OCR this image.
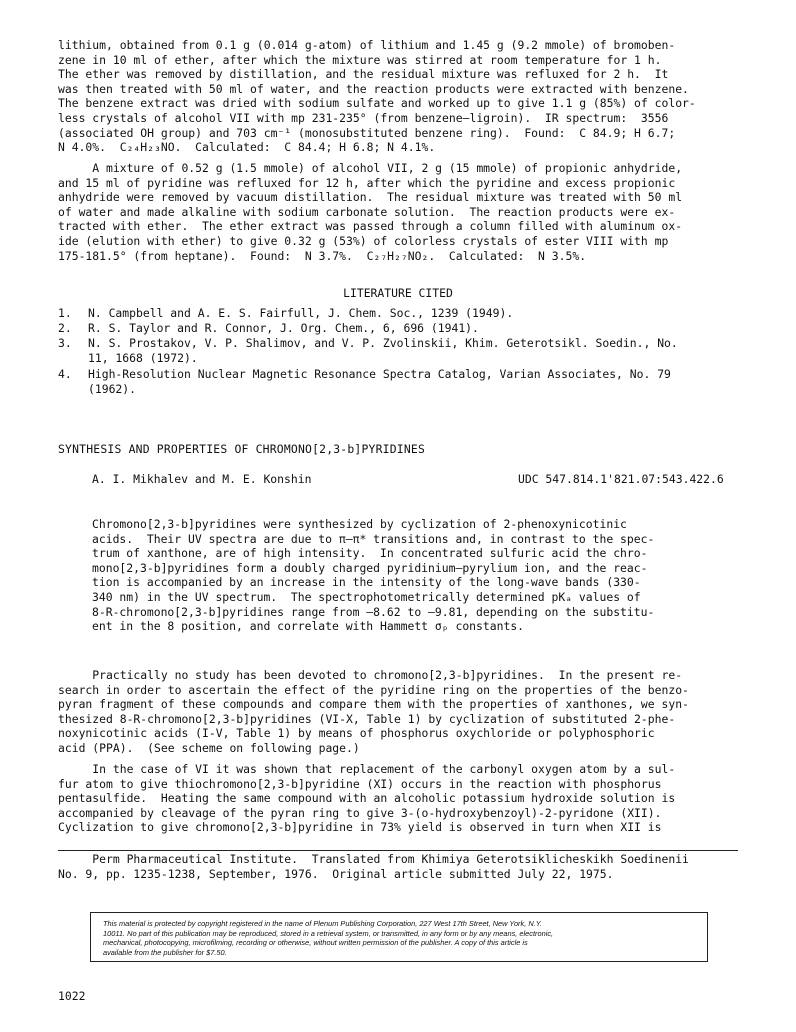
lithium, obtained from 0.1 g (0.014 g-atom) of lithium and 1.45 g (9.2 mmole) of bromoben-
zene in 10 ml of ether, after which the mixture was stirred at room temperature for 1 h.
The ether was removed by distillation, and the residual mixture was refluxed for 2 h.  It
was then treated with 50 ml of water, and the reaction products were extracted with benzene.
The benzene extract was dried with sodium sulfate and worked up to give 1.1 g (85%) of color-
less crystals of alcohol VII with mp 231-235° (from benzene—ligroin).  IR spectrum:  3556
(associated OH group) and 703 cm⁻¹ (monosubstituted benzene ring).  Found:  C 84.9; H 6.7;
N 4.0%.  C₂₄H₂₃NO.  Calculated:  C 84.4; H 6.8; N 4.1%.

A mixture of 0.52 g (1.5 mmole) of alcohol VII, 2 g (15 mmole) of propionic anhydride,
and 15 ml of pyridine was refluxed for 12 h, after which the pyridine and excess propionic
anhydride were removed by vacuum distillation.  The residual mixture was treated with 50 ml
of water and made alkaline with sodium carbonate solution.  The reaction products were ex-
tracted with ether.  The ether extract was passed through a column filled with aluminum ox-
ide (elution with ether) to give 0.32 g (53%) of colorless crystals of ester VIII with mp
175-181.5° (from heptane).  Found:  N 3.7%.  C₂₇H₂₇NO₂.  Calculated:  N 3.5%.

LITERATURE CITED
1.	N. Campbell and A. E. S. Fairfull, J. Chem. Soc., 1239 (1949).
2.	R. S. Taylor and R. Connor, J. Org. Chem., 6, 696 (1941).
3.	N. S. Prostakov, V. P. Shalimov, and V. P. Zvolinskii, Khim. Geterotsikl. Soedin., No.
11, 1668 (1972).
4.	High-Resolution Nuclear Magnetic Resonance Spectra Catalog, Varian Associates, No. 79
(1962).
SYNTHESIS AND PROPERTIES OF CHROMONO[2,3-b]PYRIDINES
A. I. Mikhalev and M. E. Konshin	UDC 547.814.1'821.07:543.422.6

Chromono[2,3-b]pyridines were synthesized by cyclization of 2-phenoxynicotinic
acids.  Their UV spectra are due to π—π* transitions and, in contrast to the spec-
trum of xanthone, are of high intensity.  In concentrated sulfuric acid the chro-
mono[2,3-b]pyridines form a doubly charged pyridinium—pyrylium ion, and the reac-
tion is accompanied by an increase in the intensity of the long-wave bands (330-
340 nm) in the UV spectrum.  The spectrophotometrically determined pKₐ values of
8-R-chromono[2,3-b]pyridines range from —8.62 to —9.81, depending on the substitu-
ent in the 8 position, and correlate with Hammett σₚ constants.

Practically no study has been devoted to chromono[2,3-b]pyridines.  In the present re-
search in order to ascertain the effect of the pyridine ring on the properties of the benzo-
pyran fragment of these compounds and compare them with the properties of xanthones, we syn-
thesized 8-R-chromono[2,3-b]pyridines (VI-X, Table 1) by cyclization of substituted 2-phe-
noxynicotinic acids (I-V, Table 1) by means of phosphorus oxychloride or polyphosphoric
acid (PPA).  (See scheme on following page.)

In the case of VI it was shown that replacement of the carbonyl oxygen atom by a sul-
fur atom to give thiochromono[2,3-b]pyridine (XI) occurs in the reaction with phosphorus
pentasulfide.  Heating the same compound with an alcoholic potassium hydroxide solution is
accompanied by cleavage of the pyran ring to give 3-(o-hydroxybenzoyl)-2-pyridone (XII).
Cyclization to give chromono[2,3-b]pyridine in 73% yield is observed in turn when XII is

Perm Pharmaceutical Institute.  Translated from Khimiya Geterotsiklicheskikh Soedinenii
No. 9, pp. 1235-1238, September, 1976.  Original article submitted July 22, 1975.

This material is protected by copyright registered in the name of Plenum Publishing Corporation, 227 West 17th Street, New York, N.Y.
10011. No part of this publication may be reproduced, stored in a retrieval system, or transmitted, in any form or by any means, electronic,
mechanical, photocopying, microfilming, recording or otherwise, without written permission of the publisher. A copy of this article is
available from the publisher for $7.50.
1022
